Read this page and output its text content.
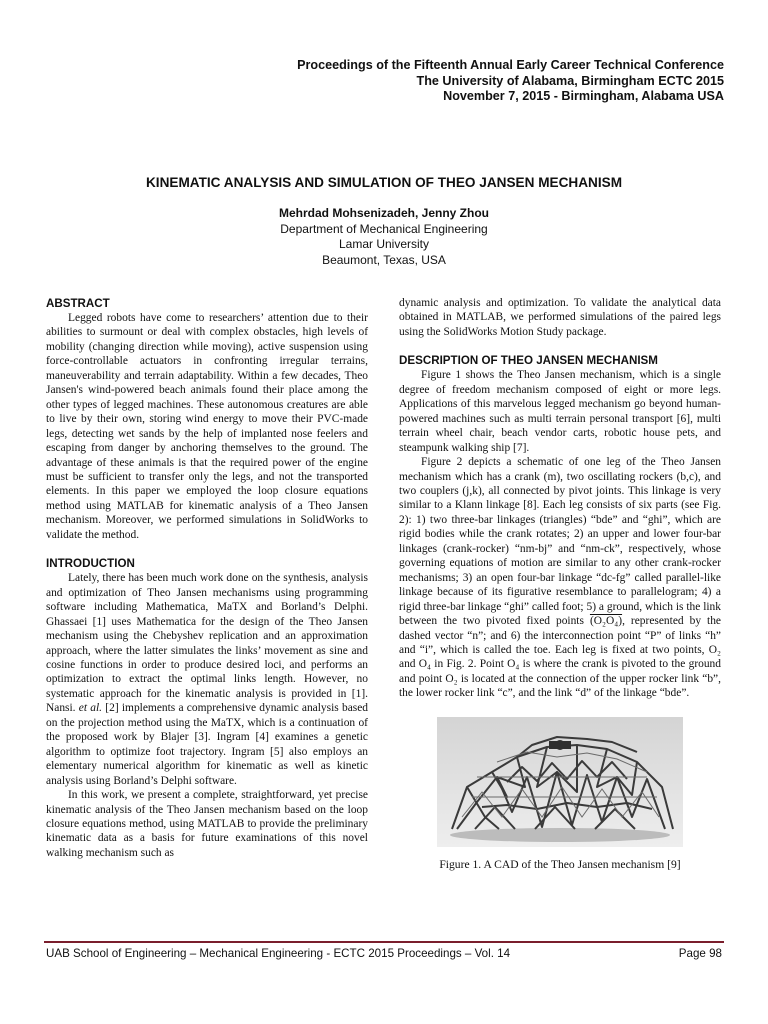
Proceedings of the Fifteenth Annual Early Career Technical Conference
The University of Alabama, Birmingham ECTC 2015
November 7, 2015 - Birmingham, Alabama USA
KINEMATIC ANALYSIS AND SIMULATION OF THEO JANSEN MECHANISM
Mehrdad Mohsenizadeh, Jenny Zhou
Department of Mechanical Engineering
Lamar University
Beaumont, Texas, USA
ABSTRACT

Legged robots have come to researchers’ attention due to their abilities to surmount or deal with complex obstacles, high levels of mobility (changing direction while moving), active suspension using force-controllable actuators in confronting irregular terrains, maneuverability and terrain adaptability. Within a few decades, Theo Jansen's wind-powered beach animals found their place among the other types of legged machines. These autonomous creatures are able to live by their own, storing wind energy to move their PVC-made legs, detecting wet sands by the help of implanted nose feelers and escaping from danger by anchoring themselves to the ground. The advantage of these animals is that the required power of the engine must be sufficient to transfer only the legs, and not the transported elements. In this paper we employed the loop closure equations method using MATLAB for kinematic analysis of a Theo Jansen mechanism. Moreover, we performed simulations in SolidWorks to validate the method.

INTRODUCTION

Lately, there has been much work done on the synthesis, analysis and optimization of Theo Jansen mechanisms using programming software including Mathematica, MaTX and Borland’s Delphi. Ghassaei [1] uses Mathematica for the design of the Theo Jansen mechanism using the Chebyshev replication and an approximation approach, where the latter simulates the links’ movement as sine and cosine functions in order to produce desired loci, and performs an optimization to extract the optimal links length. However, no systematic approach for the kinematic analysis is provided in [1]. Nansi. et al. [2] implements a comprehensive dynamic analysis based on the projection method using the MaTX, which is a continuation of the proposed work by Blajer [3]. Ingram [4] examines a genetic algorithm to optimize foot trajectory. Ingram [5] also employs an elementary numerical algorithm for kinematic as well as kinetic analysis using Borland’s Delphi software.

In this work, we present a complete, straightforward, yet precise kinematic analysis of the Theo Jansen mechanism based on the loop closure equations method, using MATLAB to provide the preliminary kinematic data as a basis for future examinations of this novel walking mechanism such as

dynamic analysis and optimization. To validate the analytical data obtained in MATLAB, we performed simulations of the paired legs using the SolidWorks Motion Study package.

DESCRIPTION OF THEO JANSEN MECHANISM

Figure 1 shows the Theo Jansen mechanism, which is a single degree of freedom mechanism composed of eight or more legs. Applications of this marvelous legged mechanism go beyond human-powered machines such as multi terrain personal transport [6], multi terrain wheel chair, beach vendor carts, robotic house pets, and steampunk walking ship [7].

Figure 2 depicts a schematic of one leg of the Theo Jansen mechanism which has a crank (m), two oscillating rockers (b,c), and two couplers (j,k), all connected by pivot joints. This linkage is very similar to a Klann linkage [8]. Each leg consists of six parts (see Fig. 2): 1) two three-bar linkages (triangles) “bde” and “ghi”, which are rigid bodies while the crank rotates; 2) an upper and lower four-bar linkages (crank-rocker) “nm-bj” and “nm-ck”, respectively, whose governing equations of motion are similar to any other crank-rocker mechanisms; 3) an open four-bar linkage “dc-fg” called parallel-like linkage because of its figurative resemblance to parallelogram; 4) a rigid three-bar linkage “ghi” called foot; 5) a ground, which is the link between the two pivoted fixed points (O₂O₄), represented by the dashed vector “n”; and 6) the interconnection point “P” of links “h” and “i”, which is called the toe. Each leg is fixed at two points, O₂ and O₄ in Fig. 2. Point O₄ is where the crank is pivoted to the ground and point O₂ is located at the connection of the upper rocker link “b”, the lower rocker link “c”, and the link “d” of the linkage “bde”.

Figure 1. A CAD of the Theo Jansen mechanism [9]
UAB School of Engineering – Mechanical Engineering - ECTC 2015 Proceedings – Vol. 14	Page 98
